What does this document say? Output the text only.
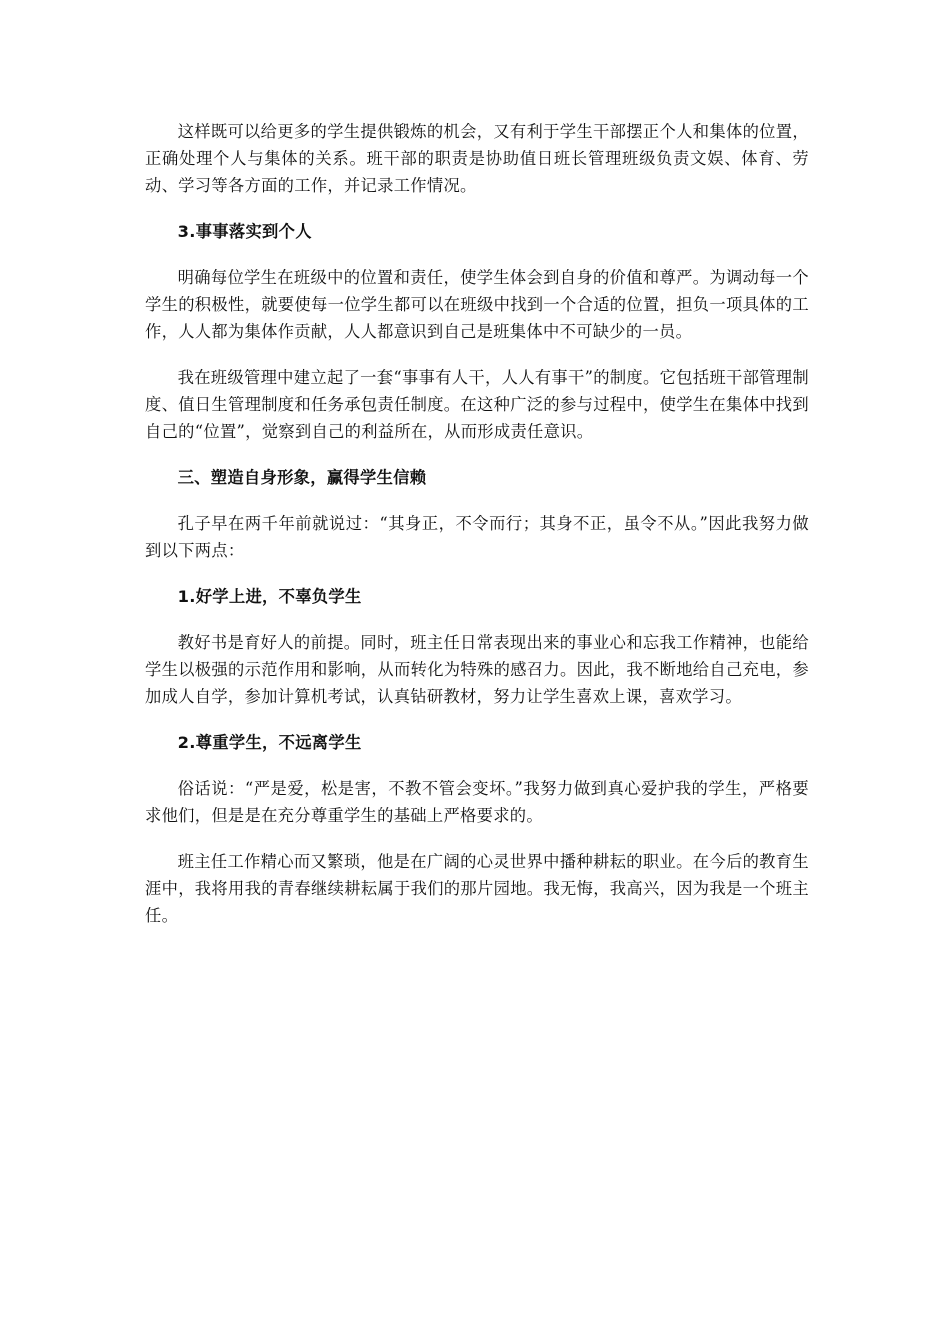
这样既可以给更多的学生提供锻炼的机会，又有利于学生干部摆正个人和集体的位置，正确处理个人与集体的关系。班干部的职责是协助值日班长管理班级负责文娱、体育、劳动、学习等各方面的工作，并记录工作情况。

3.事事落实到个人

明确每位学生在班级中的位置和责任，使学生体会到自身的价值和尊严。为调动每一个学生的积极性，就要使每一位学生都可以在班级中找到一个合适的位置，担负一项具体的工作，人人都为集体作贡献，人人都意识到自己是班集体中不可缺少的一员。

我在班级管理中建立起了一套“事事有人干，人人有事干”的制度。它包括班干部管理制度、值日生管理制度和任务承包责任制度。在这种广泛的参与过程中，使学生在集体中找到自己的“位置”，觉察到自己的利益所在，从而形成责任意识。

三、塑造自身形象，赢得学生信赖

孔子早在两千年前就说过：“其身正，不令而行；其身不正，虽令不从。”因此我努力做到以下两点：

1.好学上进，不辜负学生

教好书是育好人的前提。同时，班主任日常表现出来的事业心和忘我工作精神，也能给学生以极强的示范作用和影响，从而转化为特殊的感召力。因此，我不断地给自己充电，参加成人自学，参加计算机考试，认真钻研教材，努力让学生喜欢上课，喜欢学习。

2.尊重学生，不远离学生

俗话说：“严是爱，松是害，不教不管会变坏。”我努力做到真心爱护我的学生，严格要求他们，但是是在充分尊重学生的基础上严格要求的。

班主任工作精心而又繁琐，他是在广阔的心灵世界中播种耕耘的职业。在今后的教育生涯中，我将用我的青春继续耕耘属于我们的那片园地。我无悔，我高兴，因为我是一个班主任。
